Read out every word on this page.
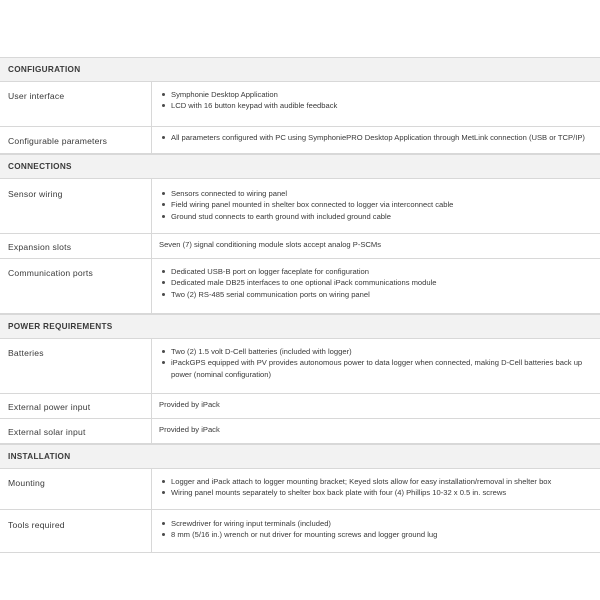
CONFIGURATION
User interface	Symphonie Desktop Application
LCD with 16 button keypad with audible feedback
Configurable parameters	All parameters configured with PC using SymphoniePRO Desktop Application through MetLink connection (USB or TCP/IP)
CONNECTIONS
Sensor wiring	Sensors connected to wiring panel
Field wiring panel mounted in shelter box connected to logger via interconnect cable
Ground stud connects to earth ground with included ground cable
Expansion slots	Seven (7) signal conditioning module slots accept analog P-SCMs
Communication ports	Dedicated USB-B port on logger faceplate for configuration
Dedicated male DB25 interfaces to one optional iPack communications module
Two (2) RS-485 serial communication ports on wiring panel
POWER REQUIREMENTS
Batteries	Two (2) 1.5 volt D-Cell batteries (included with logger)
iPackGPS equipped with PV provides autonomous power to data logger when connected, making D-Cell batteries back up power (nominal configuration)
External power input	Provided by iPack
External solar input	Provided by iPack
INSTALLATION
Mounting	Logger and iPack attach to logger mounting bracket; Keyed slots allow for easy installation/removal in shelter box
Wiring panel mounts separately to shelter box back plate with four (4) Phillips 10-32 x 0.5 in. screws
Tools required	Screwdriver for wiring input terminals (included)
8 mm (5/16 in.) wrench or nut driver for mounting screws and logger ground lug
